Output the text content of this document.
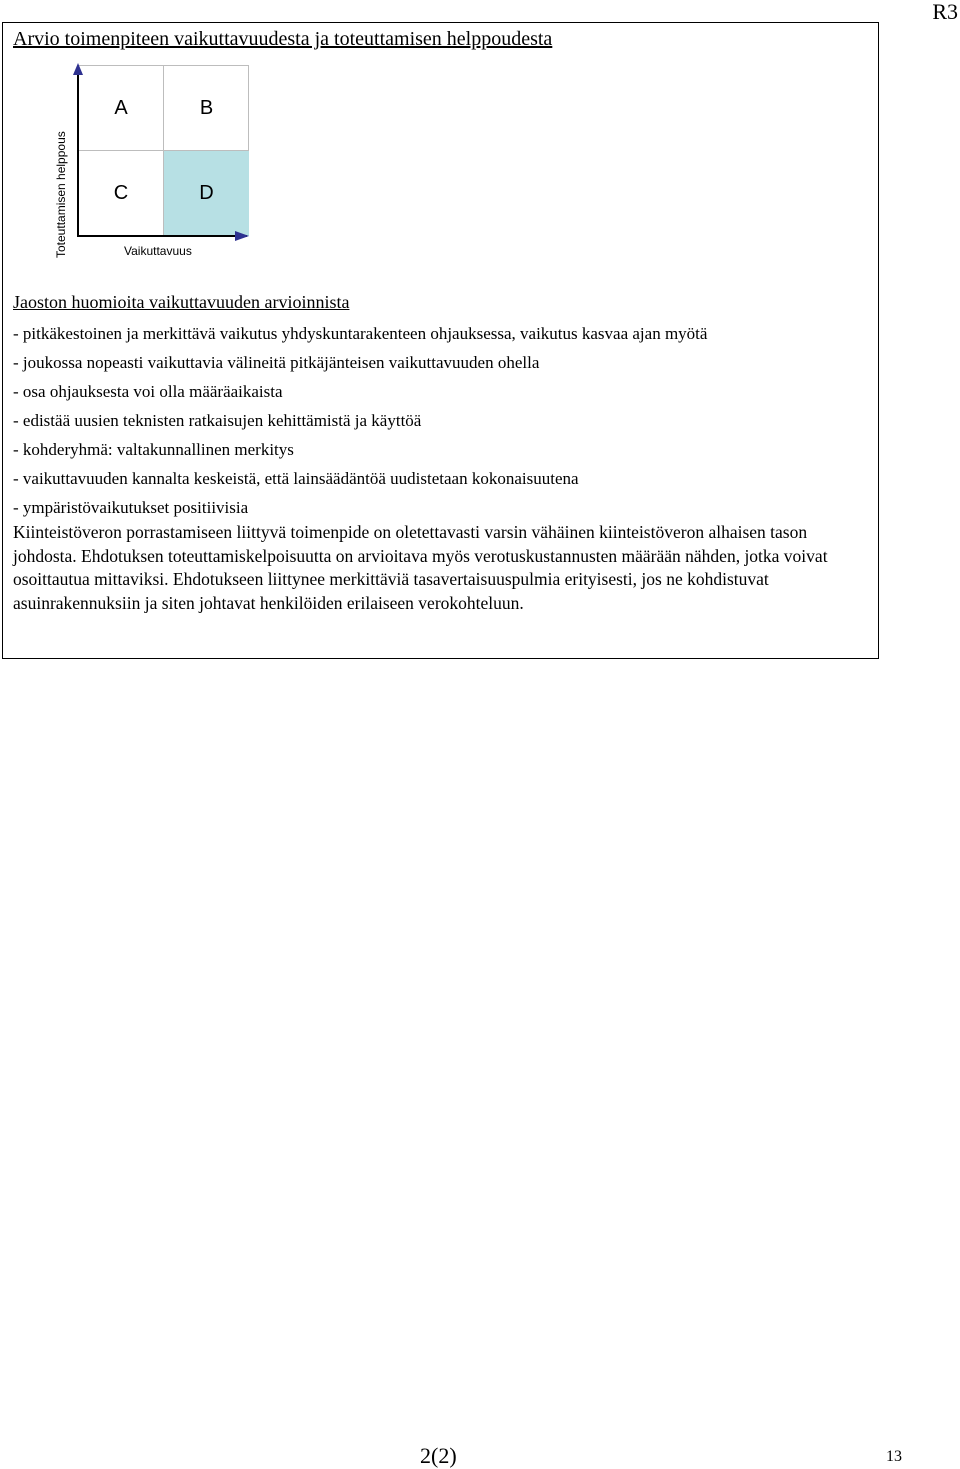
R3
Arvio toimenpiteen vaikuttavuudesta ja toteuttamisen helppoudesta
Toteuttamisen helppous
A	B
C	D
Vaikuttavuus
Jaoston huomioita vaikuttavuuden arvioinnista
- pitkäkestoinen ja merkittävä vaikutus yhdyskuntarakenteen ohjauksessa, vaikutus kasvaa ajan myötä
- joukossa nopeasti vaikuttavia välineitä pitkäjänteisen vaikuttavuuden ohella
- osa ohjauksesta voi olla määräaikaista
- edistää uusien teknisten ratkaisujen kehittämistä ja käyttöä
- kohderyhmä: valtakunnallinen merkitys
- vaikuttavuuden kannalta keskeistä, että lainsäädäntöä uudistetaan kokonaisuutena
- ympäristövaikutukset positiivisia

Kiinteistöveron porrastamiseen liittyvä toimenpide on oletettavasti varsin vähäinen kiinteistöveron alhaisen tason johdosta. Ehdotuksen toteuttamiskelpoisuutta on arvioitava myös verotuskustannusten määrään nähden, jotka voivat osoittautua mittaviksi. Ehdotukseen liittynee merkittäviä tasavertaisuuspulmia erityisesti, jos ne kohdistuvat asuinrakennuksiin ja siten johtavat henkilöiden erilaiseen verokohteluun.

2(2)	13
